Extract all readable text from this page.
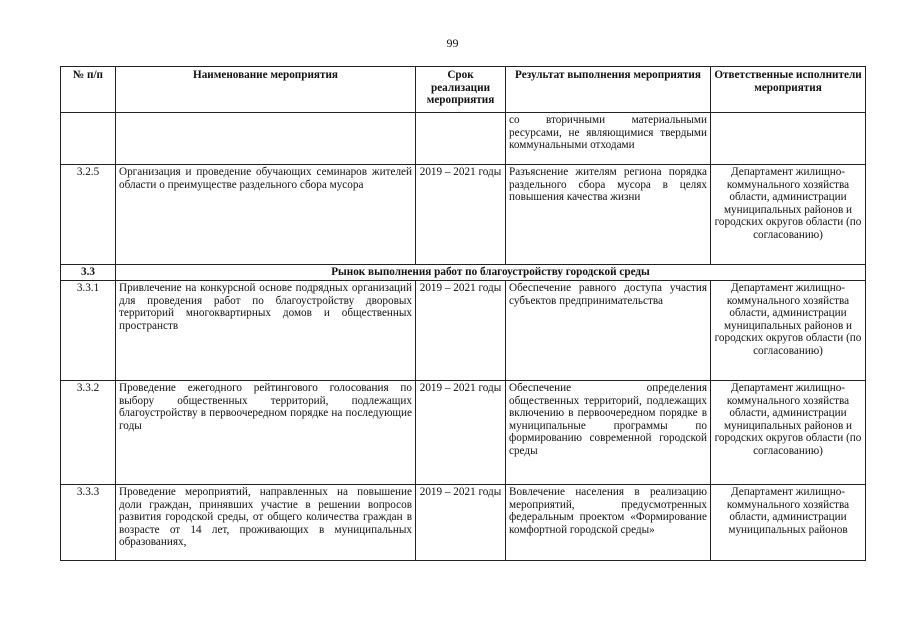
99
№ п/п	Наименование мероприятия	Срок реализации мероприятия	Результат выполнения мероприятия	Ответственные исполнители мероприятия
			со вторичными материальными ресурсами, не являющимися твердыми коммунальными отходами	
3.2.5	Организация и проведение обучающих семинаров жителей области о преимуществе раздельного сбора мусора	2019 – 2021 годы	Разъяснение жителям региона порядка раздельного сбора мусора в целях повышения качества жизни	Департамент жилищно-коммунального хозяйства области, администрации муниципальных районов и городских округов области (по согласованию)
3.3	Рынок выполнения работ по благоустройству городской среды			
3.3.1	Привлечение на конкурсной основе подрядных организаций для проведения работ по благоустройству дворовых территорий многоквартирных домов и общественных пространств	2019 – 2021 годы	Обеспечение равного доступа участия субъектов предпринимательства	Департамент жилищно-коммунального хозяйства области, администрации муниципальных районов и городских округов области (по согласованию)
3.3.2	Проведение ежегодного рейтингового голосования по выбору общественных территорий, подлежащих благоустройству в первоочередном порядке на последующие годы	2019 – 2021 годы	Обеспечение определения общественных территорий, подлежащих включению в первоочередном порядке в муниципальные программы по формированию современной городской среды	Департамент жилищно-коммунального хозяйства области, администрации муниципальных районов и городских округов области (по согласованию)
3.3.3	Проведение мероприятий, направленных на повышение доли граждан, принявших участие в решении вопросов развития городской среды, от общего количества граждан в возрасте от 14 лет, проживающих в муниципальных образованиях,	2019 – 2021 годы	Вовлечение населения в реализацию мероприятий, предусмотренных федеральным проектом «Формирование комфортной городской среды»	Департамент жилищно-коммунального хозяйства области, администрации муниципальных районов
